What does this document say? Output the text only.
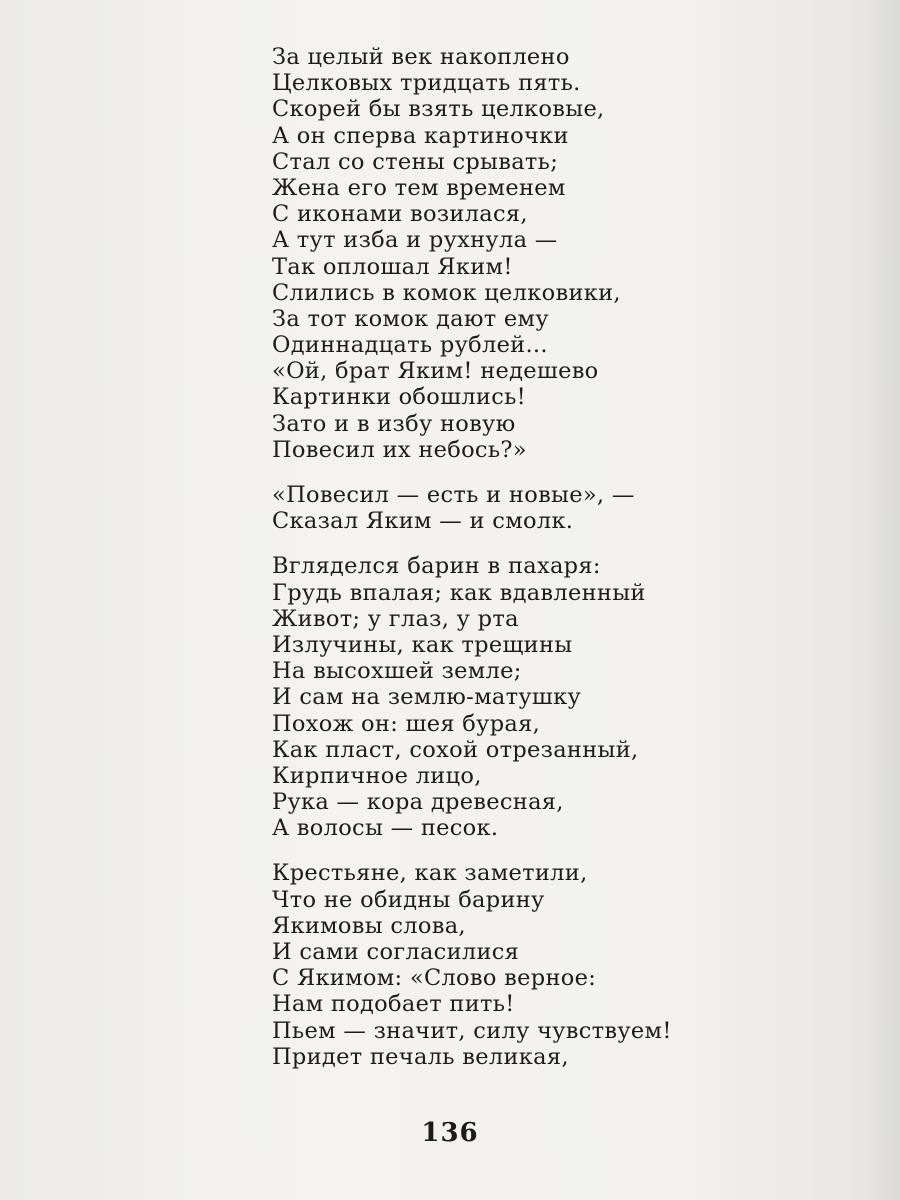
За целый век накоплено
Целковых тридцать пять.
Скорей бы взять целковые,
А он сперва картиночки
Стал со стены срывать;
Жена его тем временем
С иконами возилася,
А тут изба и рухнула —
Так оплошал Яким!
Слились в комок целковики,
За тот комок дают ему
Одиннадцать рублей...
«Ой, брат Яким! недешево
Картинки обошлись!
Зато и в избу новую
Повесил их небось?»
«Повесил — есть и новые», —
Сказал Яким — и смолк.
Вгляделся барин в пахаря:
Грудь впалая; как вдавленный
Живот; у глаз, у рта
Излучины, как трещины
На высохшей земле;
И сам на землю-матушку
Похож он: шея бурая,
Как пласт, сохой отрезанный,
Кирпичное лицо,
Рука — кора древесная,
А волосы — песок.
Крестьяне, как заметили,
Что не обидны барину
Якимовы слова,
И сами согласилися
С Якимом: «Слово верное:
Нам подобает пить!
Пьем — значит, силу чувствуем!
Придет печаль великая,
136
